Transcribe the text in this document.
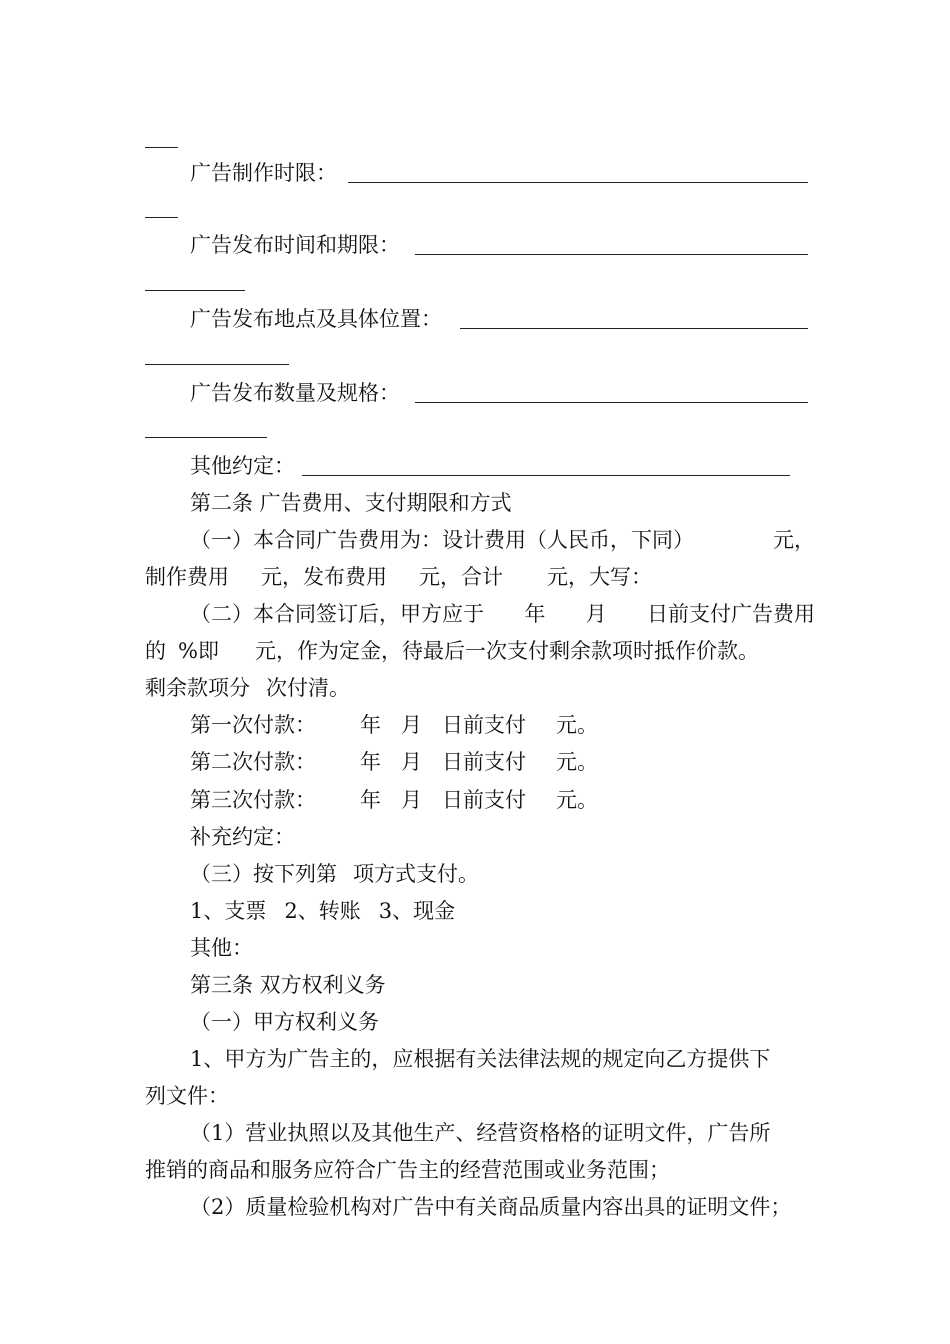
广告制作时限：
广告发布时间和期限：
广告发布地点及具体位置：
广告发布数量及规格：
其他约定：
第二条 广告费用、支付期限和方式
（一）本合同广告费用为：设计费用（人民币，下同）	元，
制作费用 元，发布费用 元，合计 元，大写：
（二）本合同签订后，甲方应于 年 月 日前支付广告费用
的 %即 元，作为定金，待最后一次支付剩余款项时抵作价款。
剩余款项分 次付清。
第一次付款： 年 月 日前支付 元。
第二次付款： 年 月 日前支付 元。
第三次付款： 年 月 日前支付 元。
补充约定：
（三）按下列第 项方式支付。
1、支票 2、转账 3、现金
其他：
第三条 双方权利义务
（一）甲方权利义务
1、甲方为广告主的，应根据有关法律法规的规定向乙方提供下
列文件：
（1）营业执照以及其他生产、经营资格格的证明文件，广告所
推销的商品和服务应符合广告主的经营范围或业务范围；
（2）质量检验机构对广告中有关商品质量内容出具的证明文件；
